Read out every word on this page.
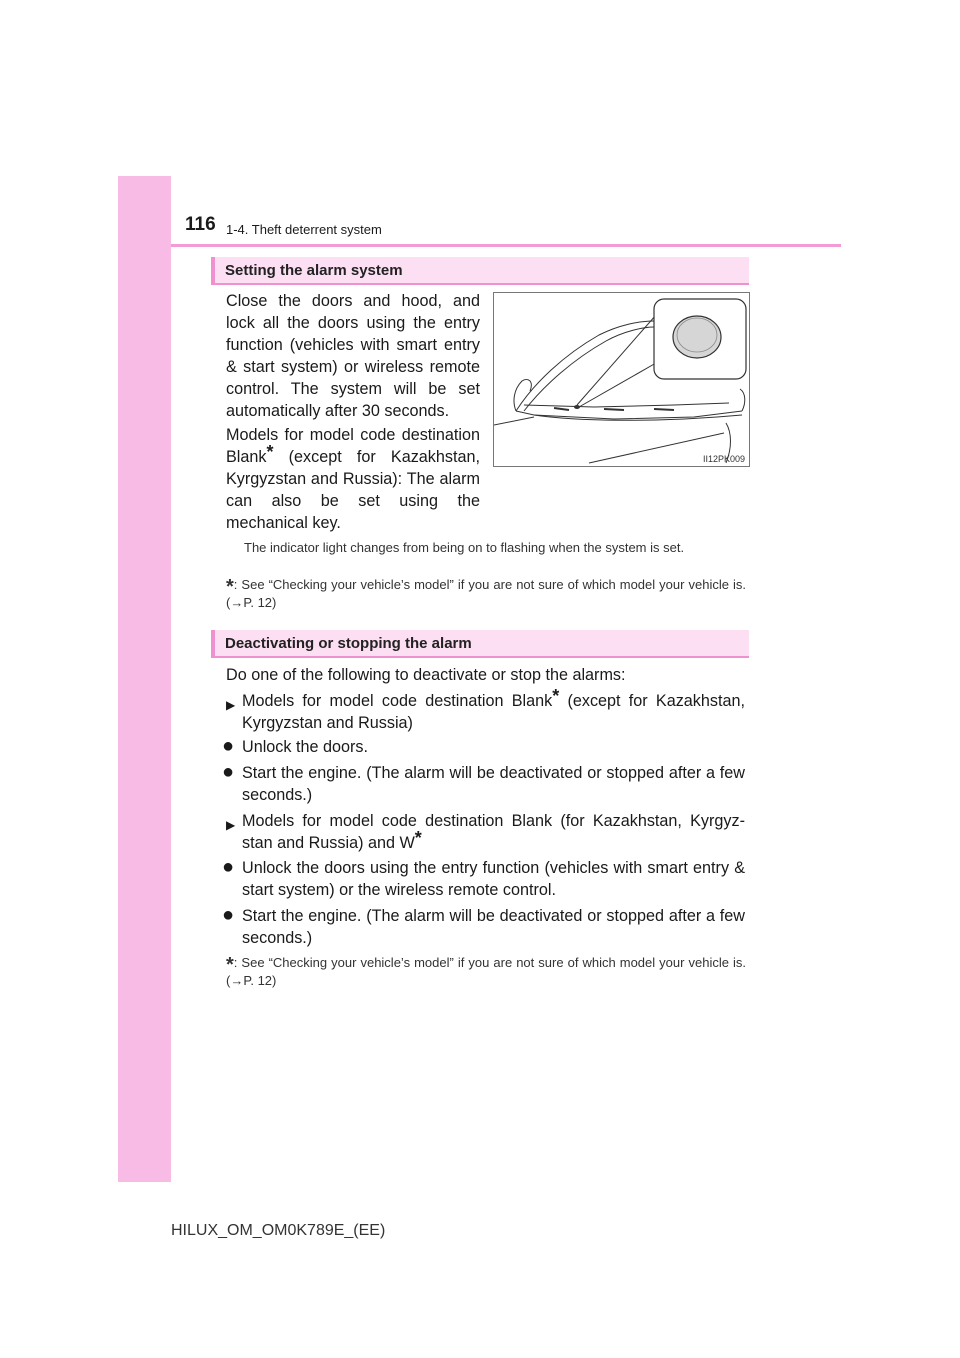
116 1-4. Theft deterrent system
Setting the alarm system
Close the doors and hood, and lock all the doors using the entry function (vehicles with smart entry & start system) or wireless remote control. The system will be set automatically after 30 seconds.
Models for model code destination Blank* (except for Kazakhstan, Kyrgyzstan and Russia): The alarm can also be set using the mechanical key.
II12PK009
The indicator light changes from being on to flashing when the system is set.
*: See “Checking your vehicle’s model” if you are not sure of which model your vehicle is. (→P. 12)
Deactivating or stopping the alarm
Do one of the following to deactivate or stop the alarms:
▶ Models for model code destination Blank* (except for Kazakhstan, Kyrgyzstan and Russia)
● Unlock the doors.
● Start the engine. (The alarm will be deactivated or stopped after a few seconds.)
▶ Models for model code destination Blank (for Kazakhstan, Kyrgyz-stan and Russia) and W*
● Unlock the doors using the entry function (vehicles with smart entry & start system) or the wireless remote control.
● Start the engine. (The alarm will be deactivated or stopped after a few seconds.)
*: See “Checking your vehicle’s model” if you are not sure of which model your vehicle is. (→P. 12)
HILUX_OM_OM0K789E_(EE)
